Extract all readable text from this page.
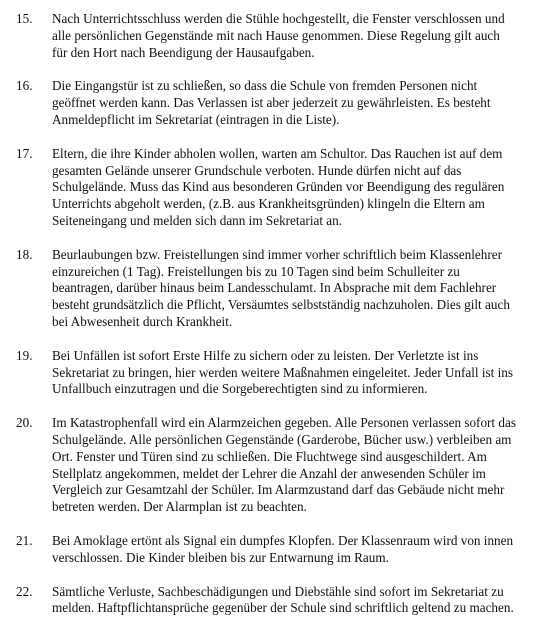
15.	Nach Unterrichtsschluss werden die Stühle hochgestellt, die Fenster verschlossen und alle persönlichen Gegenstände mit nach Hause genommen. Diese Regelung gilt auch für den Hort nach Beendigung der Hausaufgaben.

16.	Die Eingangstür ist zu schließen, so dass die Schule von fremden Personen nicht geöffnet werden kann. Das Verlassen ist aber jederzeit zu gewährleisten. Es besteht Anmeldepflicht im Sekretariat (eintragen in die Liste).

17.	Eltern, die ihre Kinder abholen wollen, warten am Schultor. Das Rauchen ist auf dem gesamten Gelände unserer Grundschule verboten. Hunde dürfen nicht auf das Schulgelände. Muss das Kind aus besonderen Gründen vor Beendigung des regulären Unterrichts abgeholt werden, (z.B. aus Krankheitsgründen) klingeln die Eltern am Seiteneingang und melden sich dann im Sekretariat an.

18.	Beurlaubungen bzw. Freistellungen sind immer vorher schriftlich beim Klassenlehrer einzureichen (1 Tag). Freistellungen bis zu 10 Tagen sind beim Schulleiter zu beantragen, darüber hinaus beim Landesschulamt. In Absprache mit dem Fachlehrer besteht grundsätzlich die Pflicht, Versäumtes selbstständig nachzuholen. Dies gilt auch bei Abwesenheit durch Krankheit.

19.	Bei Unfällen ist sofort Erste Hilfe zu sichern oder zu leisten. Der Verletzte ist ins Sekretariat zu bringen, hier werden weitere Maßnahmen eingeleitet. Jeder Unfall ist ins Unfallbuch einzutragen und die Sorgeberechtigten sind zu informieren.

20.	Im Katastrophenfall wird ein Alarmzeichen gegeben. Alle Personen verlassen sofort das Schulgelände. Alle persönlichen Gegenstände (Garderobe, Bücher usw.) verbleiben am Ort. Fenster und Türen sind zu schließen. Die Fluchtwege sind ausgeschildert. Am Stellplatz angekommen, meldet der Lehrer die Anzahl der anwesenden Schüler im Vergleich zur Gesamtzahl der Schüler. Im Alarmzustand darf das Gebäude nicht mehr betreten werden. Der Alarmplan ist zu beachten.

21.	Bei Amoklage ertönt als Signal ein dumpfes Klopfen. Der Klassenraum wird von innen verschlossen. Die Kinder bleiben bis zur Entwarnung im Raum.

22.	Sämtliche Verluste, Sachbeschädigungen und Diebstähle sind sofort im Sekretariat zu melden. Haftpflichtansprüche gegenüber der Schule sind schriftlich geltend zu machen.
